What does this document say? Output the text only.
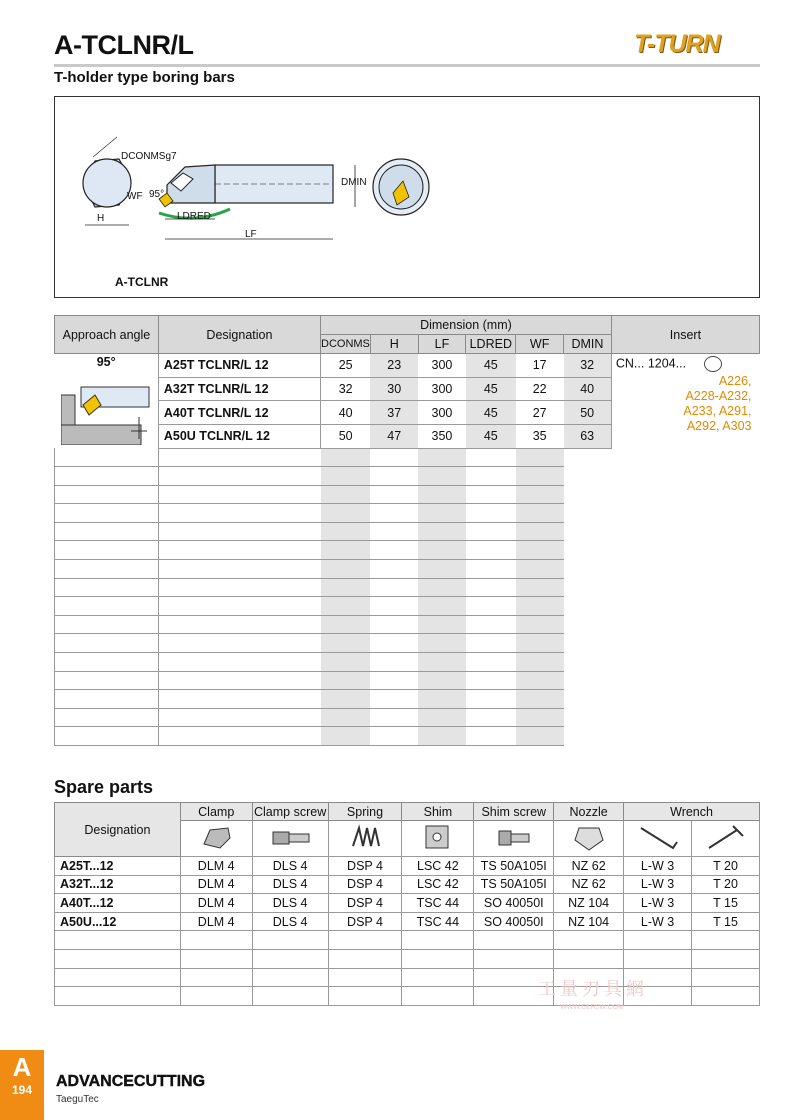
A-TCLNR/L	T-TURN
T-holder type boring bars
DCONMSg7
WF 95°
H	LDRED
LF
DMIN
A-TCLNR
Approach angle	Designation	Dimension (mm)						Insert
		DCONMS	H	LF	LDRED	WF	DMIN	

95°	A25T TCLNR/L 12	25	23	300	45	17	32	CN... 1204...
A226,
A228-A232,
A233, A291,
A292, A303

	A32T TCLNR/L 12	32	30	300	45	22	40	
	A40T TCLNR/L 12	40	37	300	45	27	50	
	A50U TCLNR/L 12	50	47	350	45	35	63	

Spare parts
Designation	Clamp	Clamp screw	Spring	Shim	Shim screw	Nozzle	Wrench	

A25T...12	DLM 4	DLS 4	DSP 4	LSC 42	TS 50A105I	NZ 62	L-W 3	T 20
A32T...12	DLM 4	DLS 4	DSP 4	LSC 42	TS 50A105I	NZ 62	L-W 3	T 20
A40T...12	DLM 4	DLS 4	DSP 4	TSC 44	SO 40050I	NZ 104	L-W 3	T 15
A50U...12	DLM 4	DLS 4	DSP 4	TSC 44	SO 40050I	NZ 104	L-W 3	T 15

工量刃具網
WWW.GLRJW.COM
A
194	ADVANCECUTTING
TaeguTec
